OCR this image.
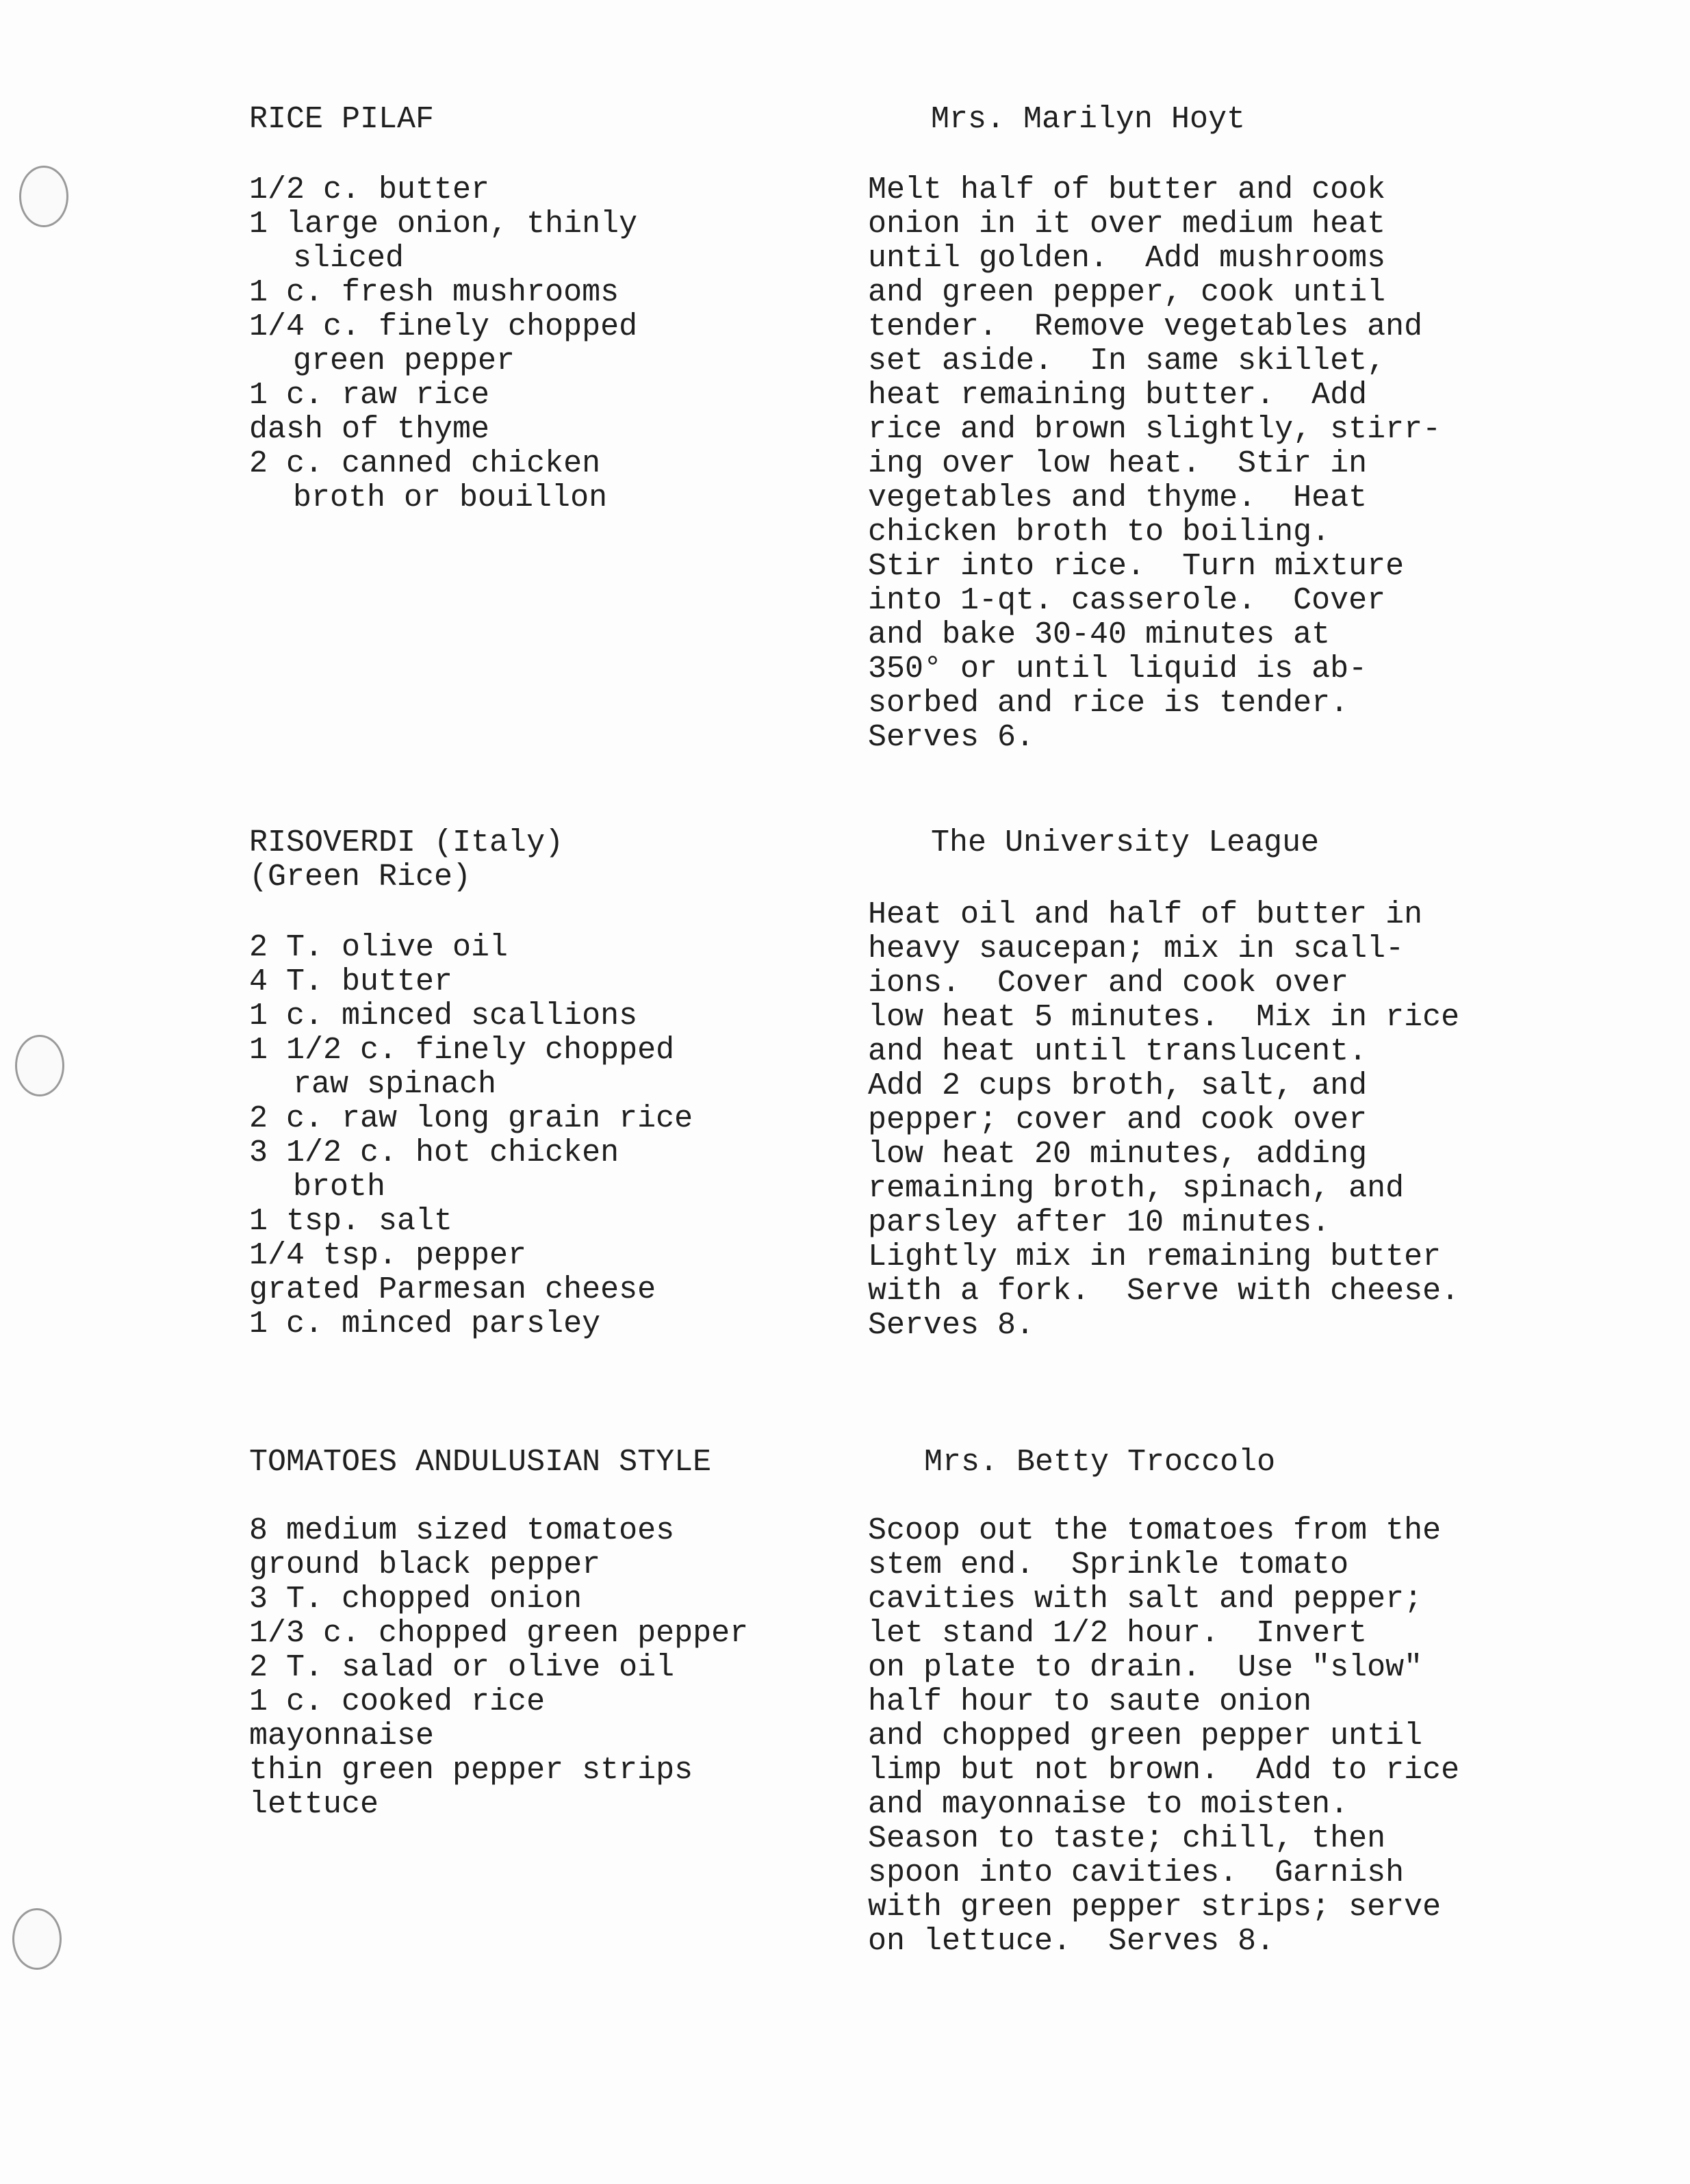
RICE PILAF	Mrs. Marilyn Hoyt
1/2 c. butter
1 large onion, thinly
sliced
1 c. fresh mushrooms
1/4 c. finely chopped
green pepper
1 c. raw rice
dash of thyme
2 c. canned chicken
broth or bouillon
Melt half of butter and cook
onion in it over medium heat
until golden.  Add mushrooms
and green pepper, cook until
tender.  Remove vegetables and
set aside.  In same skillet,
heat remaining butter.  Add
rice and brown slightly, stirr-
ing over low heat.  Stir in
vegetables and thyme.  Heat
chicken broth to boiling.
Stir into rice.  Turn mixture
into 1-qt. casserole.  Cover
and bake 30-40 minutes at
350° or until liquid is ab-
sorbed and rice is tender.
Serves 6.
RISOVERDI (Italy)
(Green Rice)
The University League
2 T. olive oil
4 T. butter
1 c. minced scallions
1 1/2 c. finely chopped
raw spinach
2 c. raw long grain rice
3 1/2 c. hot chicken
broth
1 tsp. salt
1/4 tsp. pepper
grated Parmesan cheese
1 c. minced parsley
Heat oil and half of butter in
heavy saucepan; mix in scall-
ions.  Cover and cook over
low heat 5 minutes.  Mix in rice
and heat until translucent.
Add 2 cups broth, salt, and
pepper; cover and cook over
low heat 20 minutes, adding
remaining broth, spinach, and
parsley after 10 minutes.
Lightly mix in remaining butter
with a fork.  Serve with cheese.
Serves 8.
TOMATOES ANDULUSIAN STYLE	Mrs. Betty Troccolo
8 medium sized tomatoes
ground black pepper
3 T. chopped onion
1/3 c. chopped green pepper
2 T. salad or olive oil
1 c. cooked rice
mayonnaise
thin green pepper strips
lettuce
Scoop out the tomatoes from the
stem end.  Sprinkle tomato
cavities with salt and pepper;
let stand 1/2 hour.  Invert
on plate to drain.  Use "slow"
half hour to saute onion
and chopped green pepper until
limp but not brown.  Add to rice
and mayonnaise to moisten.
Season to taste; chill, then
spoon into cavities.  Garnish
with green pepper strips; serve
on lettuce.  Serves 8.
